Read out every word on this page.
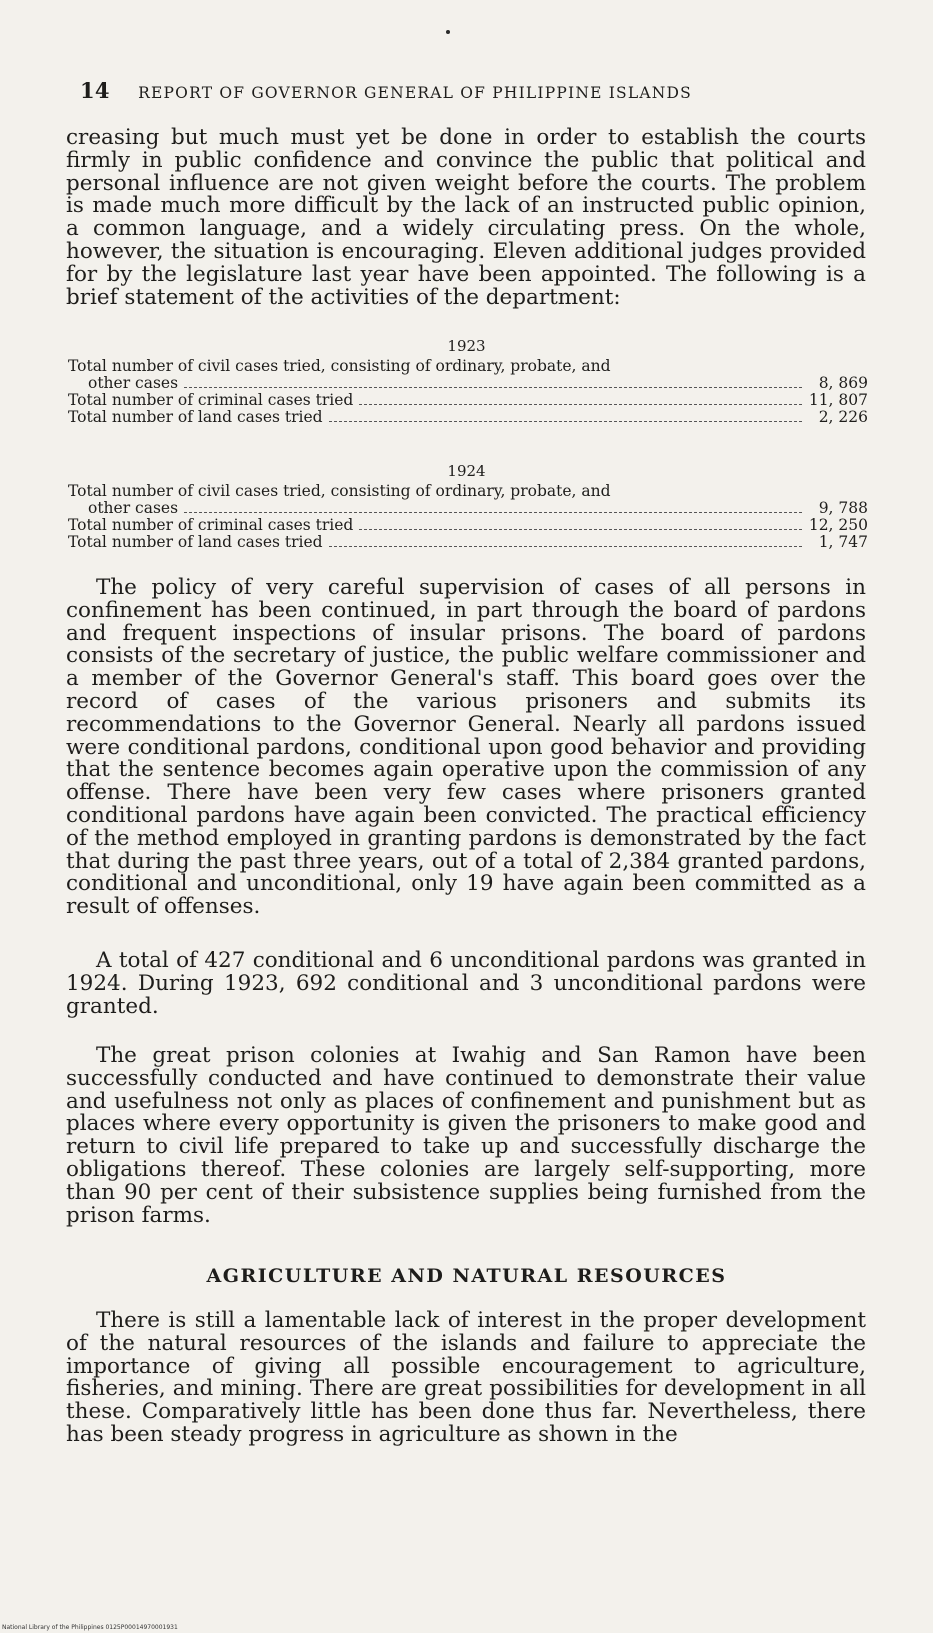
14 REPORT OF GOVERNOR GENERAL OF PHILIPPINE ISLANDS

creasing but much must yet be done in order to establish the courts firmly in public confidence and convince the public that political and personal influence are not given weight before the courts. The problem is made much more difficult by the lack of an instructed public opinion, a common language, and a widely circulating press. On the whole, however, the situation is encouraging. Eleven additional judges provided for by the legislature last year have been appointed. The following is a brief statement of the activities of the department:

1923
Total number of civil cases tried, consisting of ordinary, probate, and
other cases	8, 869
Total number of criminal cases tried	11, 807
Total number of land cases tried	2, 226
1924
Total number of civil cases tried, consisting of ordinary, probate, and
other cases	9, 788
Total number of criminal cases tried	12, 250
Total number of land cases tried	1, 747

The policy of very careful supervision of cases of all persons in confinement has been continued, in part through the board of pardons and frequent inspections of insular prisons. The board of pardons consists of the secretary of justice, the public welfare commissioner and a member of the Governor General's staff. This board goes over the record of cases of the various prisoners and submits its recommendations to the Governor General. Nearly all pardons issued were conditional pardons, conditional upon good behavior and providing that the sentence becomes again operative upon the commission of any offense. There have been very few cases where prisoners granted conditional pardons have again been convicted. The practical efficiency of the method employed in granting pardons is demonstrated by the fact that during the past three years, out of a total of 2,384 granted pardons, conditional and unconditional, only 19 have again been committed as a result of offenses.

A total of 427 conditional and 6 unconditional pardons was granted in 1924. During 1923, 692 conditional and 3 unconditional pardons were granted.

The great prison colonies at Iwahig and San Ramon have been successfully conducted and have continued to demonstrate their value and usefulness not only as places of confinement and punishment but as places where every opportunity is given the prisoners to make good and return to civil life prepared to take up and successfully discharge the obligations thereof. These colonies are largely self-supporting, more than 90 per cent of their subsistence supplies being furnished from the prison farms.

AGRICULTURE AND NATURAL RESOURCES

There is still a lamentable lack of interest in the proper development of the natural resources of the islands and failure to appreciate the importance of giving all possible encouragement to agriculture, fisheries, and mining. There are great possibilities for development in all these. Comparatively little has been done thus far. Nevertheless, there has been steady progress in agriculture as shown in the

National Library of the Philippines 0125P00014970001931
